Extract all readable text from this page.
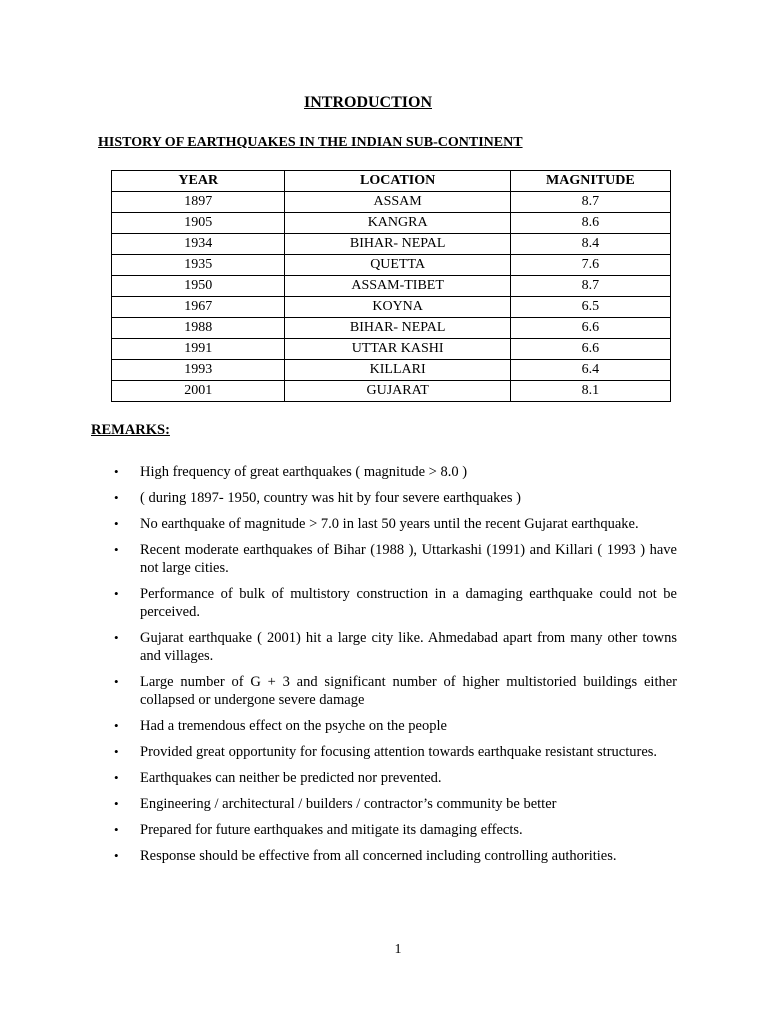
INTRODUCTION
HISTORY OF EARTHQUAKES IN THE INDIAN SUB-CONTINENT
YEAR	LOCATION	MAGNITUDE
1897	ASSAM	8.7
1905	KANGRA	8.6
1934	BIHAR- NEPAL	8.4
1935	QUETTA	7.6
1950	ASSAM-TIBET	8.7
1967	KOYNA	6.5
1988	BIHAR- NEPAL	6.6
1991	UTTAR KASHI	6.6
1993	KILLARI	6.4
2001	GUJARAT	8.1
REMARKS:
• High frequency of great earthquakes ( magnitude > 8.0 )
• ( during 1897- 1950, country was hit by four severe earthquakes )
• No earthquake of magnitude > 7.0 in last 50 years until the recent Gujarat earthquake.
• Recent moderate earthquakes of Bihar (1988 ), Uttarkashi (1991) and Killari ( 1993 ) have not large cities.
• Performance of bulk of multistory construction in a damaging earthquake could not be perceived.
• Gujarat earthquake ( 2001) hit a large city like. Ahmedabad apart from many other towns and villages.
• Large number of G + 3 and significant number of higher multistoried buildings either collapsed or undergone severe damage
• Had a tremendous effect on the psyche on the people
• Provided great opportunity for focusing attention towards earthquake resistant structures.
• Earthquakes can neither be predicted nor prevented.
• Engineering / architectural / builders / contractor’s community be better
• Prepared for future earthquakes and mitigate its damaging effects.
• Response should be effective from all concerned including controlling authorities.
1
